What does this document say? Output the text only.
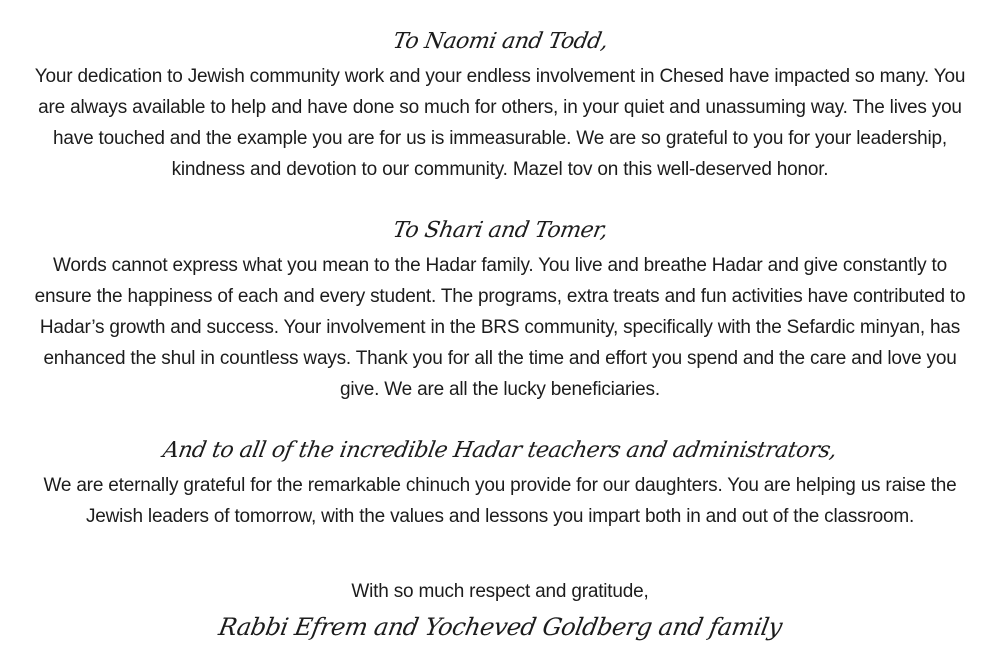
To Naomi and Todd,

Your dedication to Jewish community work and your endless involvement in Chesed have impacted so many. You are always available to help and have done so much for others, in your quiet and unassuming way. The lives you have touched and the example you are for us is immeasurable. We are so grateful to you for your leadership, kindness and devotion to our community. Mazel tov on this well-deserved honor.

To Shari and Tomer,

Words cannot express what you mean to the Hadar family. You live and breathe Hadar and give constantly to ensure the happiness of each and every student. The programs, extra treats and fun activities have contributed to Hadar’s growth and success. Your involvement in the BRS community, specifically with the Sefardic minyan, has enhanced the shul in countless ways. Thank you for all the time and effort you spend and the care and love you give. We are all the lucky beneficiaries.

And to all of the incredible Hadar teachers and administrators,

We are eternally grateful for the remarkable chinuch you provide for our daughters. You are helping us raise the Jewish leaders of tomorrow, with the values and lessons you impart both in and out of the classroom.

With so much respect and gratitude,
Rabbi Efrem and Yocheved Goldberg and family
